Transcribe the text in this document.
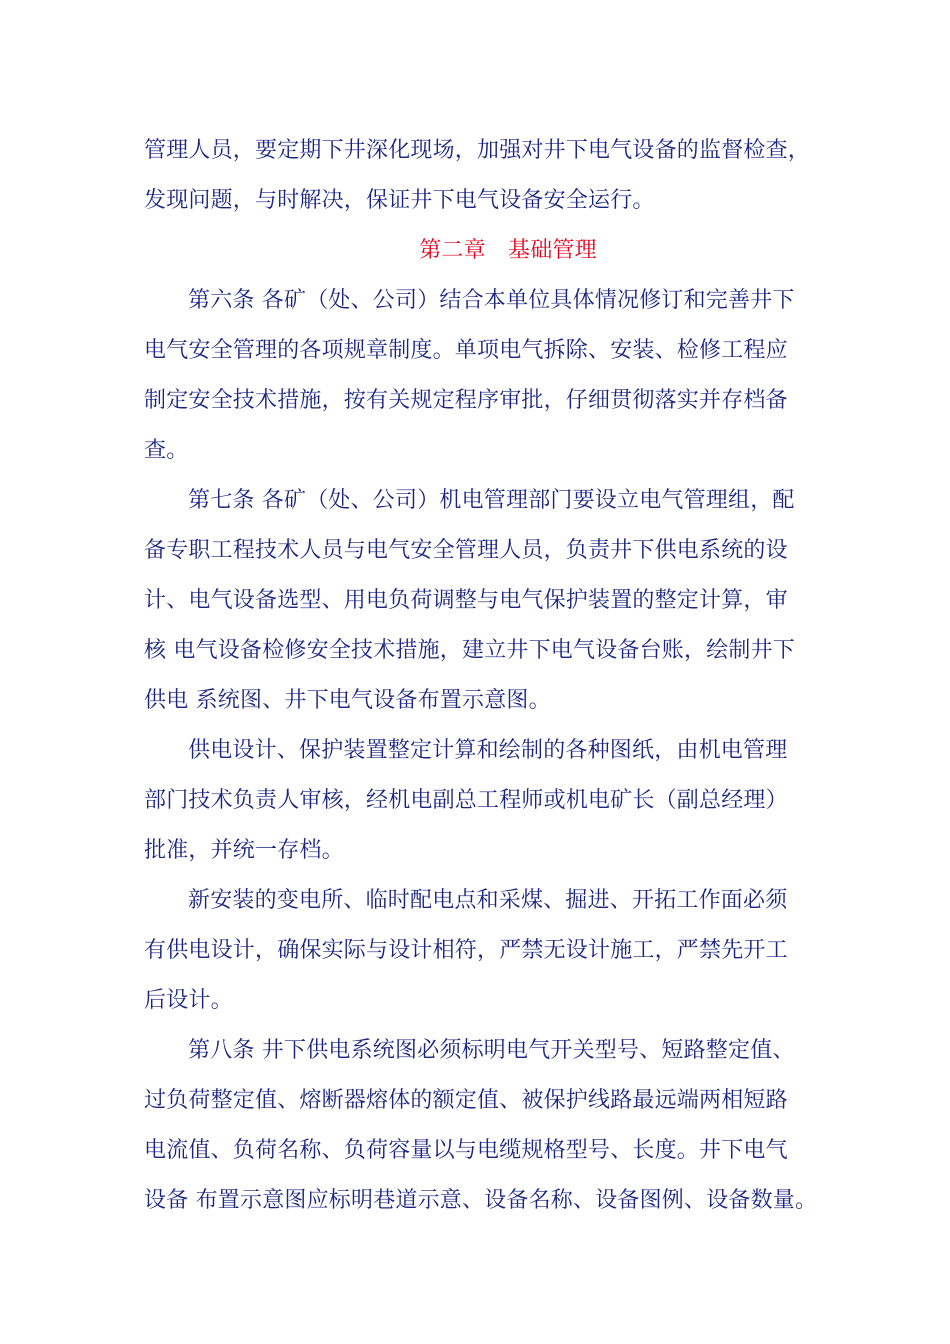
管理人员，要定期下井深化现场，加强对井下电气设备的监督检查，
发现问题，与时解决，保证井下电气设备安全运行。
第二章　基础管理
第六条 各矿（处、公司）结合本单位具体情况修订和完善井下
电气安全管理的各项规章制度。单项电气拆除、安装、检修工程应
制定安全技术措施，按有关规定程序审批，仔细贯彻落实并存档备
查。
第七条 各矿（处、公司）机电管理部门要设立电气管理组，配
备专职工程技术人员与电气安全管理人员，负责井下供电系统的设
计、电气设备选型、用电负荷调整与电气保护装置的整定计算，审
核 电气设备检修安全技术措施，建立井下电气设备台账，绘制井下
供电 系统图、井下电气设备布置示意图。
供电设计、保护装置整定计算和绘制的各种图纸，由机电管理
部门技术负责人审核，经机电副总工程师或机电矿长（副总经理）
批准，并统一存档。
新安装的变电所、临时配电点和采煤、掘进、开拓工作面必须
有供电设计，确保实际与设计相符，严禁无设计施工，严禁先开工
后设计。
第八条 井下供电系统图必须标明电气开关型号、短路整定值、
过负荷整定值、熔断器熔体的额定值、被保护线路最远端两相短路
电流值、负荷名称、负荷容量以与电缆规格型号、长度。井下电气
设备 布置示意图应标明巷道示意、设备名称、设备图例、设备数量。
